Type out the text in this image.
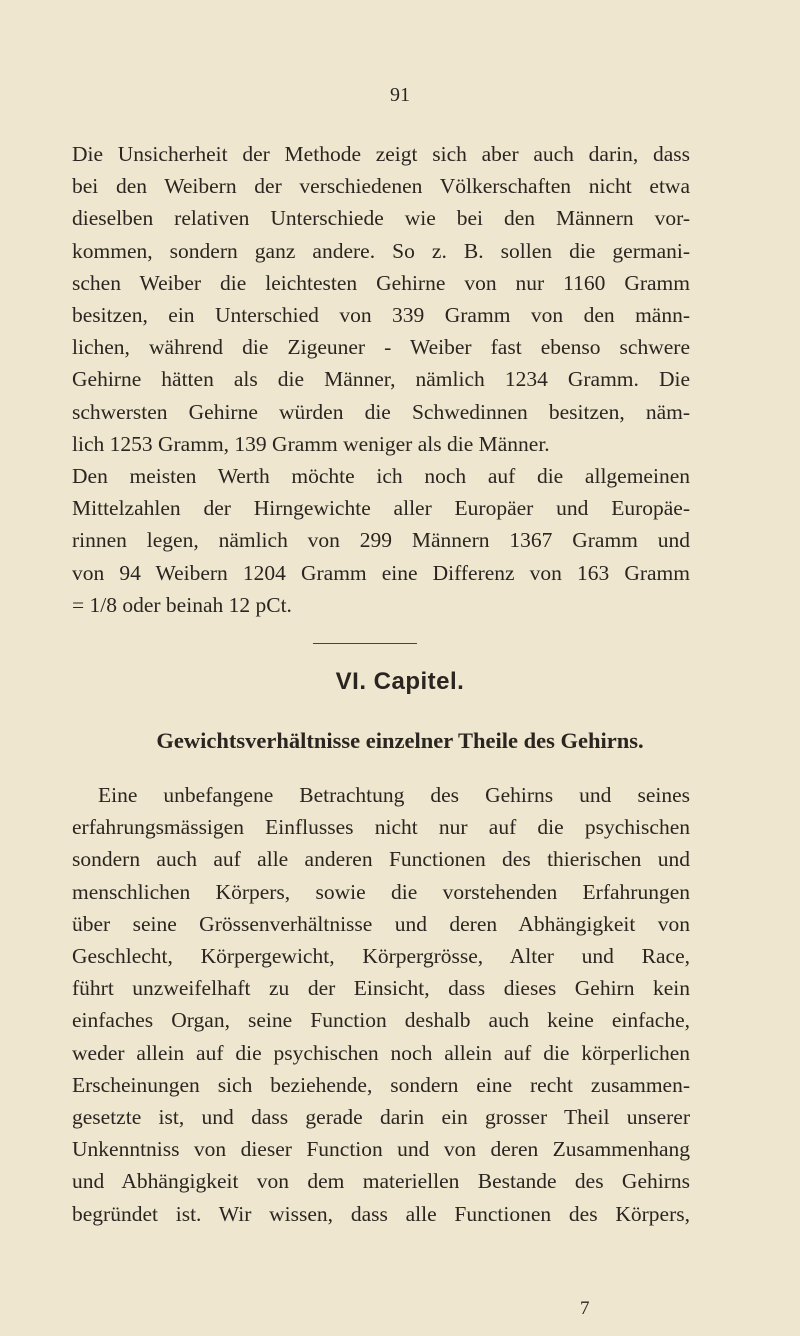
91
Die Unsicherheit der Methode zeigt sich aber auch darin, dass
bei den Weibern der verschiedenen Völkerschaften nicht etwa
dieselben relativen Unterschiede wie bei den Männern vor-
kommen, sondern ganz andere. So z. B. sollen die germani-
schen Weiber die leichtesten Gehirne von nur 1160 Gramm
besitzen, ein Unterschied von 339 Gramm von den männ-
lichen, während die Zigeuner - Weiber fast ebenso schwere
Gehirne hätten als die Männer, nämlich 1234 Gramm. Die
schwersten Gehirne würden die Schwedinnen besitzen, näm-
lich 1253 Gramm, 139 Gramm weniger als die Männer.
Den meisten Werth möchte ich noch auf die allgemeinen
Mittelzahlen der Hirngewichte aller Europäer und Europäe-
rinnen legen, nämlich von 299 Männern 1367 Gramm und
von 94 Weibern 1204 Gramm eine Differenz von 163 Gramm
= 1/8 oder beinah 12 pCt.
VI. Capitel.
Gewichtsverhältnisse einzelner Theile des Gehirns.
Eine unbefangene Betrachtung des Gehirns und seines
erfahrungsmässigen Einflusses nicht nur auf die psychischen
sondern auch auf alle anderen Functionen des thierischen und
menschlichen Körpers, sowie die vorstehenden Erfahrungen
über seine Grössenverhältnisse und deren Abhängigkeit von
Geschlecht, Körpergewicht, Körpergrösse, Alter und Race,
führt unzweifelhaft zu der Einsicht, dass dieses Gehirn kein
einfaches Organ, seine Function deshalb auch keine einfache,
weder allein auf die psychischen noch allein auf die körperlichen
Erscheinungen sich beziehende, sondern eine recht zusammen-
gesetzte ist, und dass gerade darin ein grosser Theil unserer
Unkenntniss von dieser Function und von deren Zusammenhang
und Abhängigkeit von dem materiellen Bestande des Gehirns
begründet ist. Wir wissen, dass alle Functionen des Körpers,
7
